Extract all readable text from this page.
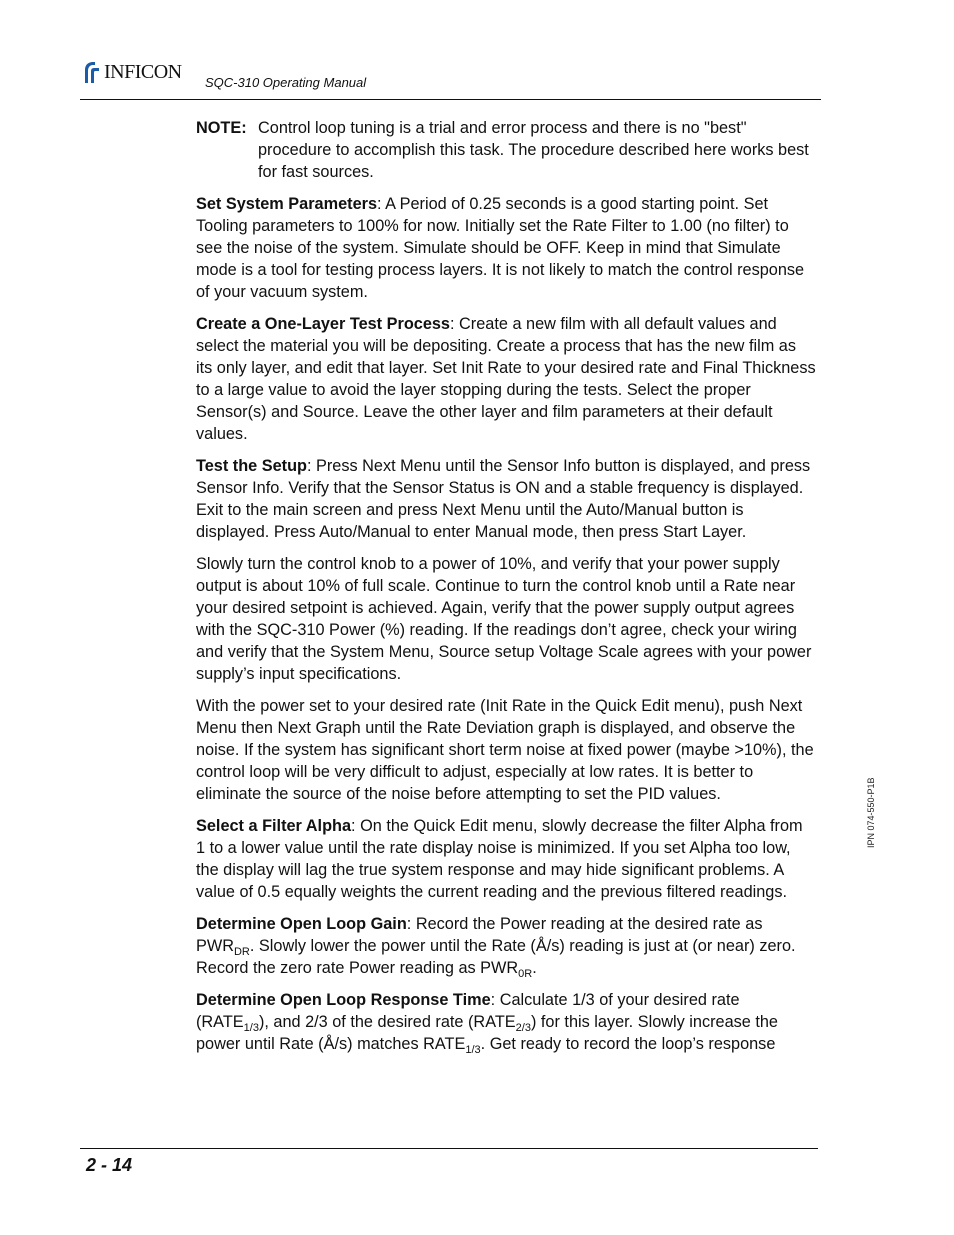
INFICON SQC-310 Operating Manual
NOTE: Control loop tuning is a trial and error process and there is no "best" procedure to accomplish this task. The procedure described here works best for fast sources.

Set System Parameters: A Period of 0.25 seconds is a good starting point. Set Tooling parameters to 100% for now. Initially set the Rate Filter to 1.00 (no filter) to see the noise of the system. Simulate should be OFF. Keep in mind that Simulate mode is a tool for testing process layers. It is not likely to match the control response of your vacuum system.

Create a One-Layer Test Process: Create a new film with all default values and select the material you will be depositing. Create a process that has the new film as its only layer, and edit that layer. Set Init Rate to your desired rate and Final Thickness to a large value to avoid the layer stopping during the tests. Select the proper Sensor(s) and Source. Leave the other layer and film parameters at their default values.

Test the Setup: Press Next Menu until the Sensor Info button is displayed, and press Sensor Info. Verify that the Sensor Status is ON and a stable frequency is displayed. Exit to the main screen and press Next Menu until the Auto/Manual button is displayed. Press Auto/Manual to enter Manual mode, then press Start Layer.

Slowly turn the control knob to a power of 10%, and verify that your power supply output is about 10% of full scale. Continue to turn the control knob until a Rate near your desired setpoint is achieved. Again, verify that the power supply output agrees with the SQC-310 Power (%) reading. If the readings don’t agree, check your wiring and verify that the System Menu, Source setup Voltage Scale agrees with your power supply’s input specifications.

With the power set to your desired rate (Init Rate in the Quick Edit menu), push Next Menu then Next Graph until the Rate Deviation graph is displayed, and observe the noise. If the system has significant short term noise at fixed power (maybe >10%), the control loop will be very difficult to adjust, especially at low rates. It is better to eliminate the source of the noise before attempting to set the PID values.

Select a Filter Alpha: On the Quick Edit menu, slowly decrease the filter Alpha from 1 to a lower value until the rate display noise is minimized. If you set Alpha too low, the display will lag the true system response and may hide significant problems. A value of 0.5 equally weights the current reading and the previous filtered readings.

Determine Open Loop Gain: Record the Power reading at the desired rate as $PWR_{DR}$. Slowly lower the power until the Rate (Å/s) reading is just at (or near) zero. Record the zero rate Power reading as $PWR_{0R}$.

Determine Open Loop Response Time: Calculate 1/3 of your desired rate $(RATE_{1/3})$, and 2/3 of the desired rate $(RATE_{2/3})$ for this layer. Slowly increase the power until Rate (Å/s) matches $RATE_{1/3}$. Get ready to record the loop’s response

IPN 074-550-P1B
2 - 14
